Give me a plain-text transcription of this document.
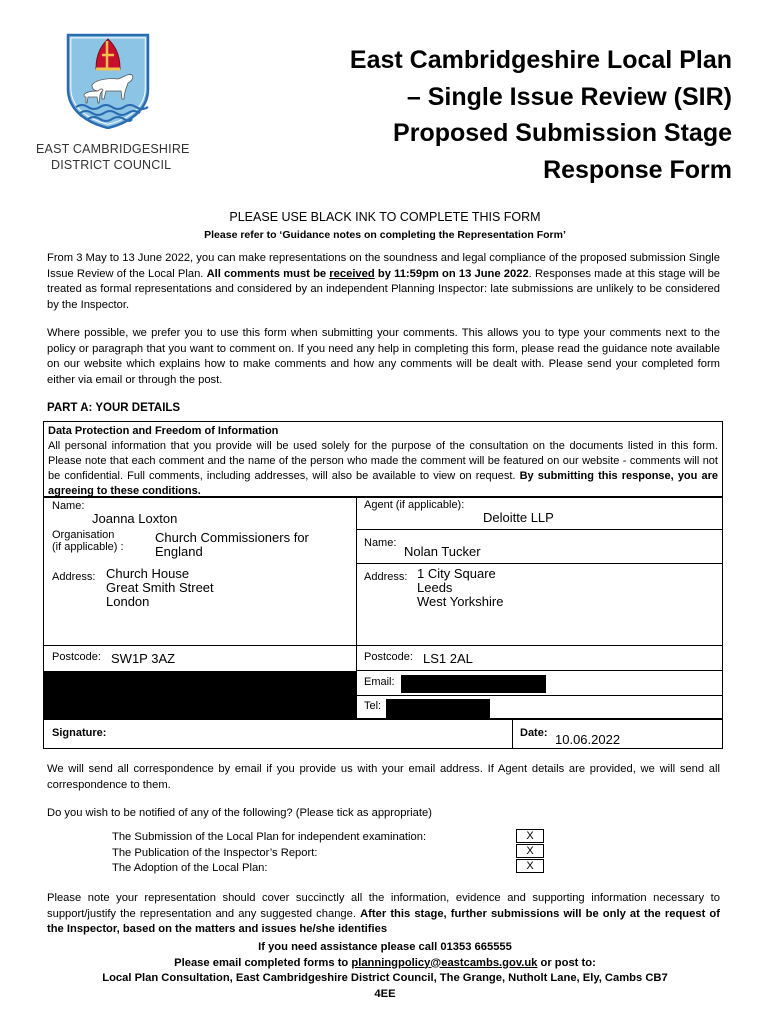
EAST CAMBRIDGESHIRE
DISTRICT COUNCIL
East Cambridgeshire Local Plan
– Single Issue Review (SIR)
Proposed Submission Stage
Response Form
PLEASE USE BLACK INK TO COMPLETE THIS FORM
Please refer to ‘Guidance notes on completing the Representation Form’
From 3 May to 13 June 2022, you can make representations on the soundness and legal compliance of the proposed submission Single Issue Review of the Local Plan. All comments must be received by 11:59pm on 13 June 2022. Responses made at this stage will be treated as formal representations and considered by an independent Planning Inspector: late submissions are unlikely to be considered by the Inspector.
Where possible, we prefer you to use this form when submitting your comments. This allows you to type your comments next to the policy or paragraph that you want to comment on. If you need any help in completing this form, please read the guidance note available on our website which explains how to make comments and how any comments will be dealt with. Please send your completed form either via email or through the post.
PART A: YOUR DETAILS
Data Protection and Freedom of Information
All personal information that you provide will be used solely for the purpose of the consultation on the documents listed in this form. Please note that each comment and the name of the person who made the comment will be featured on our website - comments will not be confidential. Full comments, including addresses, will also be available to view on request. By submitting this response, you are agreeing to these conditions.
Name:
Joanna Loxton
Organisation
(if applicable) :
Church Commissioners for
England
Address: Church House
Great Smith Street
London
Postcode: SW1P 3AZ
Agent (if applicable):
Deloitte LLP
Name:
Nolan Tucker
Address: 1 City Square
Leeds
West Yorkshire
Postcode: LS1 2AL
Email:
Tel:
Signature:	Date: 10.06.2022
We will send all correspondence by email if you provide us with your email address. If Agent details are provided, we will send all correspondence to them.
Do you wish to be notified of any of the following? (Please tick as appropriate)
The Submission of the Local Plan for independent examination:
The Publication of the Inspector’s Report:
The Adoption of the Local Plan:
X
X
X
Please note your representation should cover succinctly all the information, evidence and supporting information necessary to support/justify the representation and any suggested change. After this stage, further submissions will be only at the request of the Inspector, based on the matters and issues he/she identifies
If you need assistance please call 01353 665555
Please email completed forms to planningpolicy@eastcambs.gov.uk or post to:
Local Plan Consultation, East Cambridgeshire District Council, The Grange, Nutholt Lane, Ely, Cambs CB7
4EE
